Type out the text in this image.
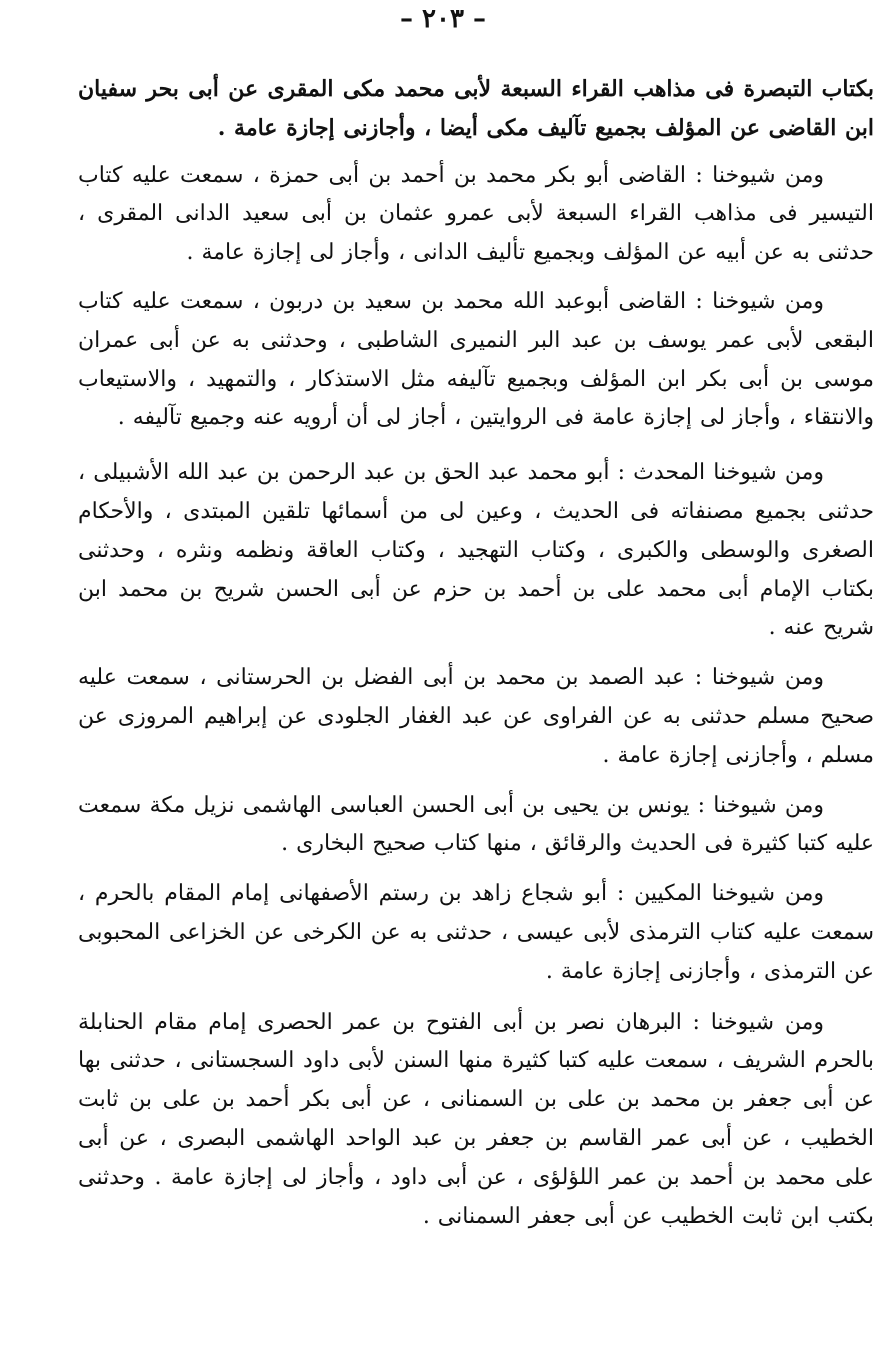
– ٢٠٣ –

بكتاب التبصرة فى مذاهب القراء السبعة لأبى محمد مكى المقرى عن أبى بحر سفيان ابن القاضى عن المؤلف بجميع تآليف مكى أيضا ، وأجازنى إجازة عامة .

ومن شيوخنا : القاضى أبو بكر محمد بن أحمد بن أبى حمزة ، سمعت عليه كتاب التيسير فى مذاهب القراء السبعة لأبى عمرو عثمان بن أبى سعيد الدانى المقرى ، حدثنى به عن أبيه عن المؤلف وبجميع تأليف الدانى ، وأجاز لى إجازة عامة .

ومن شيوخنا : القاضى أبوعبد الله محمد بن سعيد بن دربون ، سمعت عليه كتاب البقعى لأبى عمر يوسف بن عبد البر النميرى الشاطبى ، وحدثنى به عن أبى عمران موسى بن أبى بكر ابن المؤلف وبجميع تآليفه مثل الاستذكار ، والتمهيد ، والاستيعاب والانتقاء ، وأجاز لى إجازة عامة فى الروايتين ، أجاز لى أن أرويه عنه وجميع تآليفه .

ومن شيوخنا المحدث : أبو محمد عبد الحق بن عبد الرحمن بن عبد الله الأشبيلى ، حدثنى بجميع مصنفاته فى الحديث ، وعين لى من أسمائها تلقين المبتدى ، والأحكام الصغرى والوسطى والكبرى ، وكتاب التهجيد ، وكتاب العاقة ونظمه ونثره ، وحدثنى بكتاب الإمام أبى محمد على بن أحمد بن حزم عن أبى الحسن شريح بن محمد ابن شريح عنه .

ومن شيوخنا : عبد الصمد بن محمد بن أبى الفضل بن الحرستانى ، سمعت عليه صحيح مسلم حدثنى به عن الفراوى عن عبد الغفار الجلودى عن إبراهيم المروزى عن مسلم ، وأجازنى إجازة عامة .

ومن شيوخنا : يونس بن يحيى بن أبى الحسن العباسى الهاشمى نزيل مكة سمعت عليه كتبا كثيرة فى الحديث والرقائق ، منها كتاب صحيح البخارى .

ومن شيوخنا المكيين : أبو شجاع زاهد بن رستم الأصفهانى إمام المقام بالحرم ، سمعت عليه كتاب الترمذى لأبى عيسى ، حدثنى به عن الكرخى عن الخزاعى المحبوبى عن الترمذى ، وأجازنى إجازة عامة .

ومن شيوخنا : البرهان نصر بن أبى الفتوح بن عمر الحصرى إمام مقام الحنابلة بالحرم الشريف ، سمعت عليه كتبا كثيرة منها السنن لأبى داود السجستانى ، حدثنى بها عن أبى جعفر بن محمد بن على بن السمنانى ، عن أبى بكر أحمد بن على بن ثابت الخطيب ، عن أبى عمر القاسم بن جعفر بن عبد الواحد الهاشمى البصرى ، عن أبى على محمد بن أحمد بن عمر اللؤلؤى ، عن أبى داود ، وأجاز لى إجازة عامة . وحدثنى بكتب ابن ثابت الخطيب عن أبى جعفر السمنانى .
